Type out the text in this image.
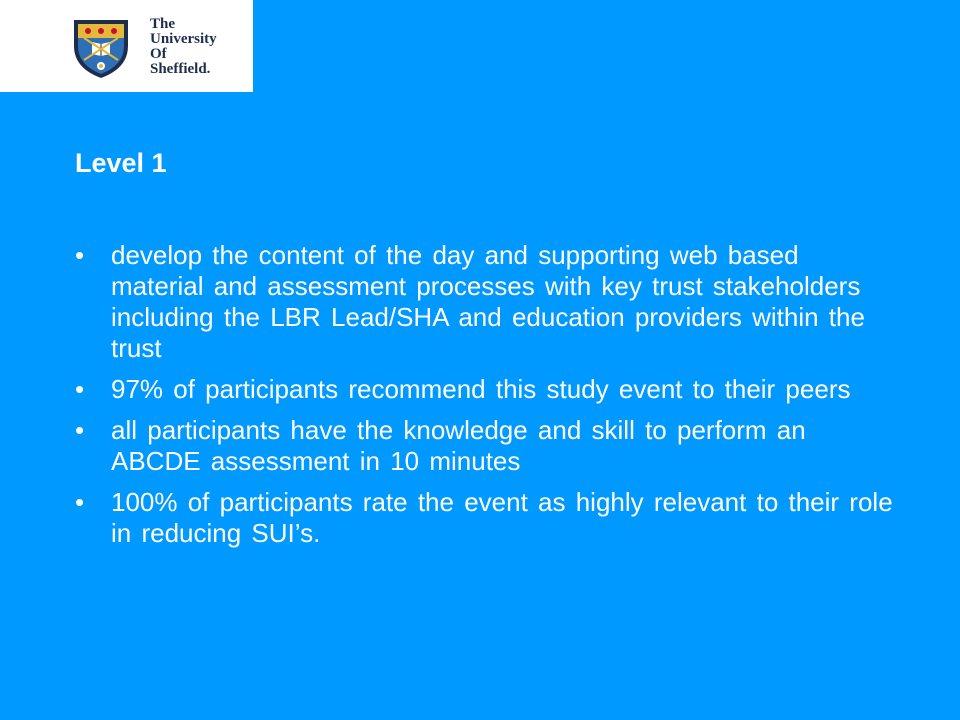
The
University
Of
Sheffield.
Level 1
• develop the content of the day and supporting web based material and assessment processes with key trust stakeholders including the LBR Lead/SHA and education providers within the trust
• 97% of participants recommend this study event to their peers
• all participants have the knowledge and skill to perform an ABCDE assessment in 10 minutes
• 100% of participants rate the event as highly relevant to their role in reducing SUI’s.
